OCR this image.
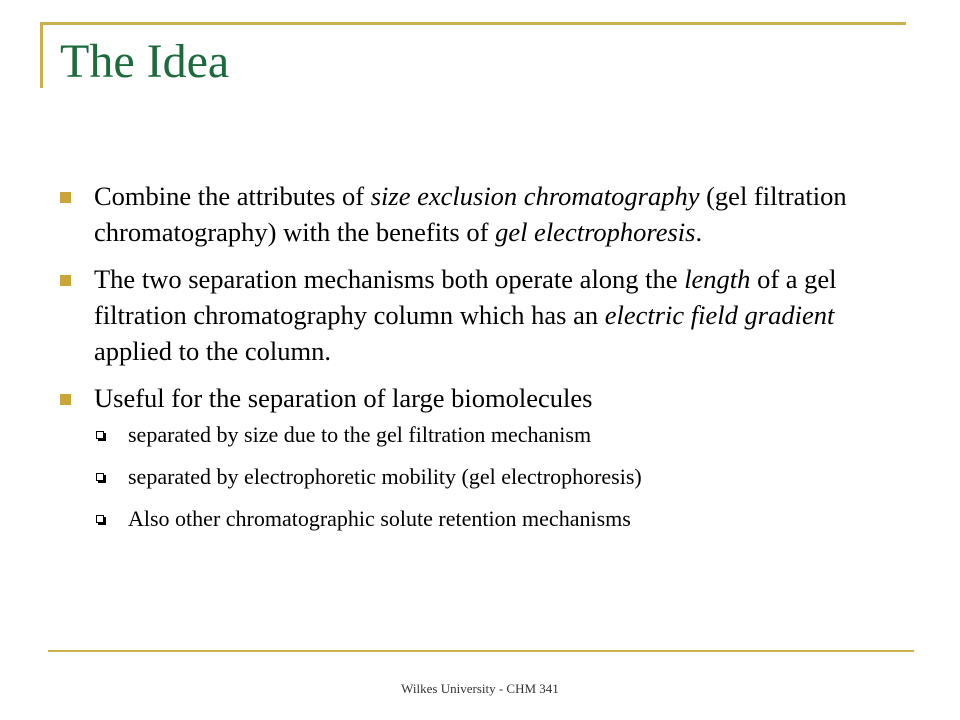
The Idea
Combine the attributes of size exclusion chromatography (gel filtration chromatography) with the benefits of gel electrophoresis.
The two separation mechanisms both operate along the length of a gel filtration chromatography column which has an electric field gradient applied to the column.
Useful for the separation of large biomolecules
separated by size due to the gel filtration mechanism
separated by electrophoretic mobility (gel electrophoresis)
Also other chromatographic solute retention mechanisms
Wilkes University - CHM 341
